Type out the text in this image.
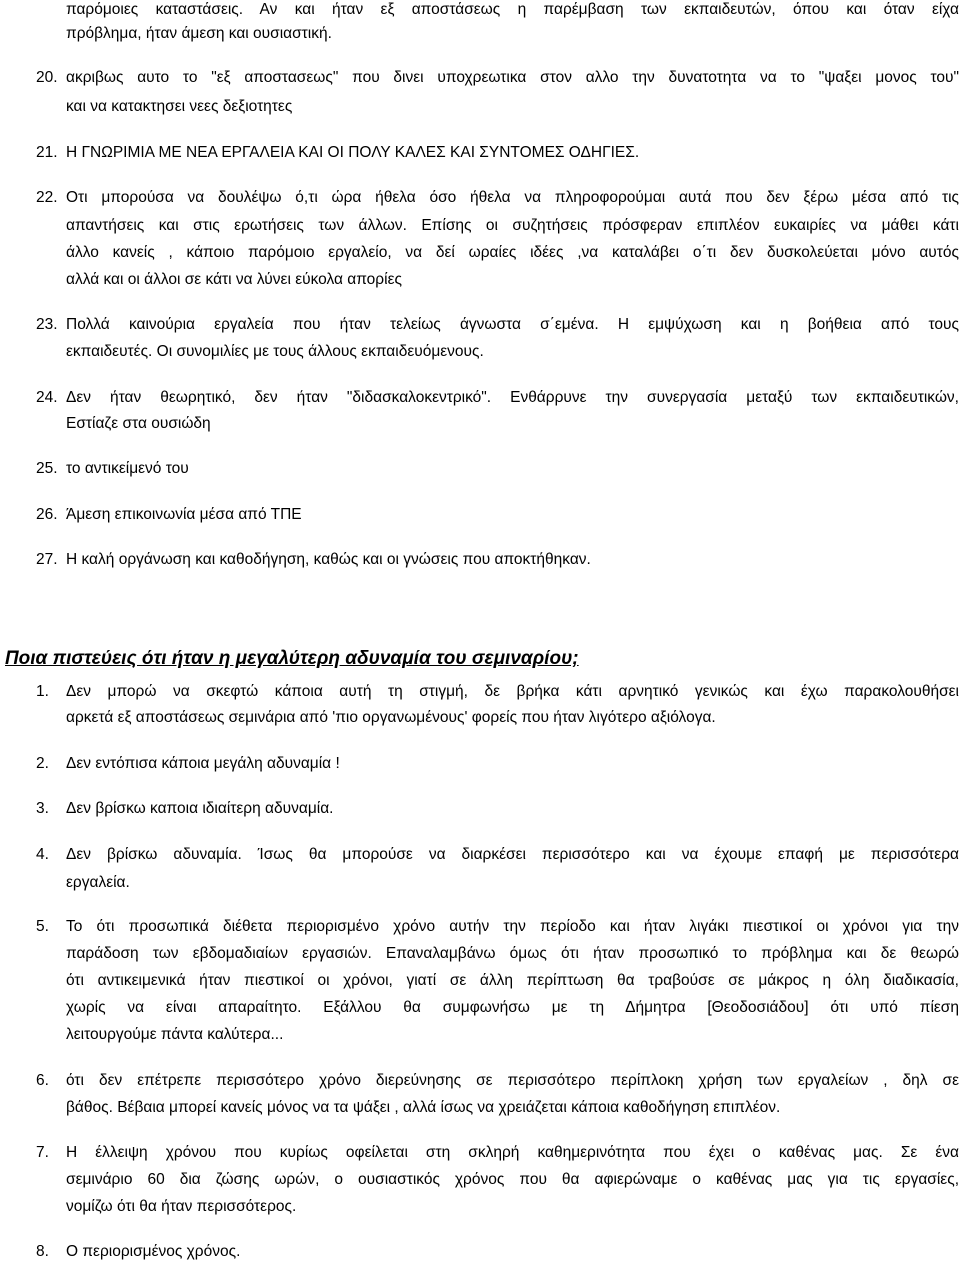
παρόμοιες καταστάσεις. Αν και ήταν εξ αποστάσεως η παρέμβαση των εκπαιδευτών, όπου και όταν είχα
πρόβλημα, ήταν άμεση και ουσιαστική.
20. ακριβως αυτο το "εξ αποστασεως" που δινει υποχρεωτικα στον αλλο την δυνατοτητα να το "ψαξει μονος του"
και να κατακτησει νεες δεξιοτητες
21. Η ΓΝΩΡΙΜΙΑ ΜΕ ΝΕΑ ΕΡΓΑΛΕΙΑ ΚΑΙ ΟΙ ΠΟΛΥ ΚΑΛΕΣ ΚΑΙ ΣΥΝΤΟΜΕΣ ΟΔΗΓΙΕΣ.
22. Οτι μπορούσα να δουλέψω ό,τι ώρα ήθελα όσο ήθελα να πληροφορούμαι αυτά που δεν ξέρω μέσα από τις
απαντήσεις και στις ερωτήσεις των άλλων. Επίσης οι συζητήσεις πρόσφεραν επιπλέον ευκαιρίες να μάθει κάτι
άλλο κανείς , κάποιο παρόμοιο εργαλείο, να δεί ωραίες ιδέες ,να καταλάβει ο΄τι δεν δυσκολεύεται μόνο αυτός
αλλά και οι άλλοι σε κάτι να λύνει εύκολα απορίες
23. Πολλά καινούρια εργαλεία που ήταν τελείως άγνωστα σ΄εμένα. Η εμψύχωση και η βοήθεια από τους
εκπαιδευτές. Οι συνομιλίες με τους άλλους εκπαιδευόμενους.
24. Δεν ήταν θεωρητικό, δεν ήταν "διδασκαλοκεντρικό". Ενθάρρυνε την συνεργασία μεταξύ των εκπαιδευτικών,
Εστίαζε στα ουσιώδη
25. το αντικείμενό του
26. Άμεση επικοινωνία μέσα από ΤΠΕ
27. Η καλή οργάνωση και καθοδήγηση, καθώς και οι γνώσεις που αποκτήθηκαν.
Ποια πιστεύεις ότι ήταν η μεγαλύτερη αδυναμία του σεμιναρίου;
1. Δεν μπορώ να σκεφτώ κάποια αυτή τη στιγμή, δε βρήκα κάτι αρνητικό γενικώς και έχω παρακολουθήσει
αρκετά εξ αποστάσεως σεμινάρια από 'πιο οργανωμένους' φορείς που ήταν λιγότερο αξιόλογα.
2. Δεν εντόπισα κάποια μεγάλη αδυναμία !
3. Δεν βρίσκω καποια ιδιαίτερη αδυναμία.
4. Δεν βρίσκω αδυναμία. Ίσως θα μπορούσε να διαρκέσει περισσότερο και να έχουμε επαφή με περισσότερα
εργαλεία.
5. Το ότι προσωπικά διέθετα περιορισμένο χρόνο αυτήν την περίοδο και ήταν λιγάκι πιεστικοί οι χρόνοι για την
παράδοση των εβδομαδιαίων εργασιών. Επαναλαμβάνω όμως ότι ήταν προσωπικό το πρόβλημα και δε θεωρώ
ότι αντικειμενικά ήταν πιεστικοί οι χρόνοι, γιατί σε άλλη περίπτωση θα τραβούσε σε μάκρος η όλη διαδικασία,
χωρίς να είναι απαραίτητο. Εξάλλου θα συμφωνήσω με τη Δήμητρα [Θεοδοσιάδου] ότι υπό πίεση
λειτουργούμε πάντα καλύτερα...
6. ότι δεν επέτρεπε περισσότερο χρόνο διερεύνησης σε περισσότερο περίπλοκη χρήση των εργαλείων , δηλ σε
βάθος. Βέβαια μπορεί κανείς μόνος να τα ψάξει , αλλά ίσως να χρειάζεται κάποια καθοδήγηση επιπλέον.
7. Η έλλειψη χρόνου που κυρίως οφείλεται στη σκληρή καθημερινότητα που έχει ο καθένας μας. Σε ένα
σεμινάριο 60 δια ζώσης ωρών, ο ουσιαστικός χρόνος που θα αφιερώναμε ο καθένας μας για τις εργασίες,
νομίζω ότι θα ήταν περισσότερος.
8. Ο περιορισμένος χρόνος.
